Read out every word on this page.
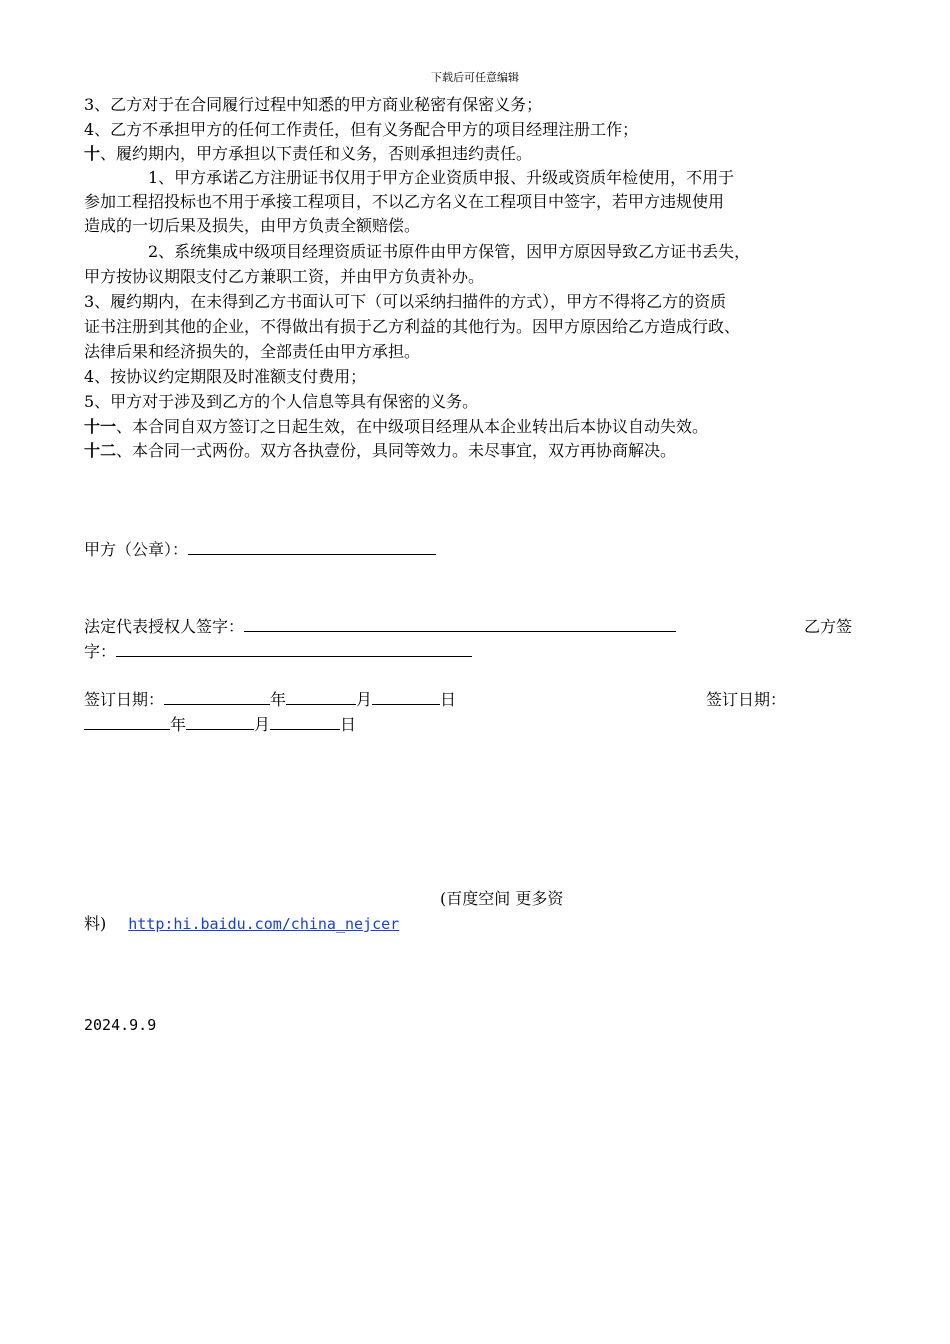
下载后可任意编辑
3、乙方对于在合同履行过程中知悉的甲方商业秘密有保密义务；
4、乙方不承担甲方的任何工作责任，但有义务配合甲方的项目经理注册工作；
十、履约期内，甲方承担以下责任和义务，否则承担违约责任。
1、甲方承诺乙方注册证书仅用于甲方企业资质申报、升级或资质年检使用，不用于
参加工程招投标也不用于承接工程项目，不以乙方名义在工程项目中签字，若甲方违规使用
造成的一切后果及损失，由甲方负责全额赔偿。
2、系统集成中级项目经理资质证书原件由甲方保管，因甲方原因导致乙方证书丢失，
甲方按协议期限支付乙方兼职工资，并由甲方负责补办。
3、履约期内，在未得到乙方书面认可下（可以采纳扫描件的方式），甲方不得将乙方的资质
证书注册到其他的企业，不得做出有损于乙方利益的其他行为。因甲方原因给乙方造成行政、
法律后果和经济损失的，全部责任由甲方承担。
4、按协议约定期限及时准额支付费用；
5、甲方对于涉及到乙方的个人信息等具有保密的义务。
十一、本合同自双方签订之日起生效，在中级项目经理从本企业转出后本协议自动失效。
十二、本合同一式两份。双方各执壹份，具同等效力。未尽事宜，双方再协商解决。
甲方（公章）：
法定代表授权人签字：	乙方签
字：
签订日期：	年	月	日	签订日期：
年	月	日
(百度空间 更多资
料) http:hi.baidu.com/china_nejcer
2024.9.9
